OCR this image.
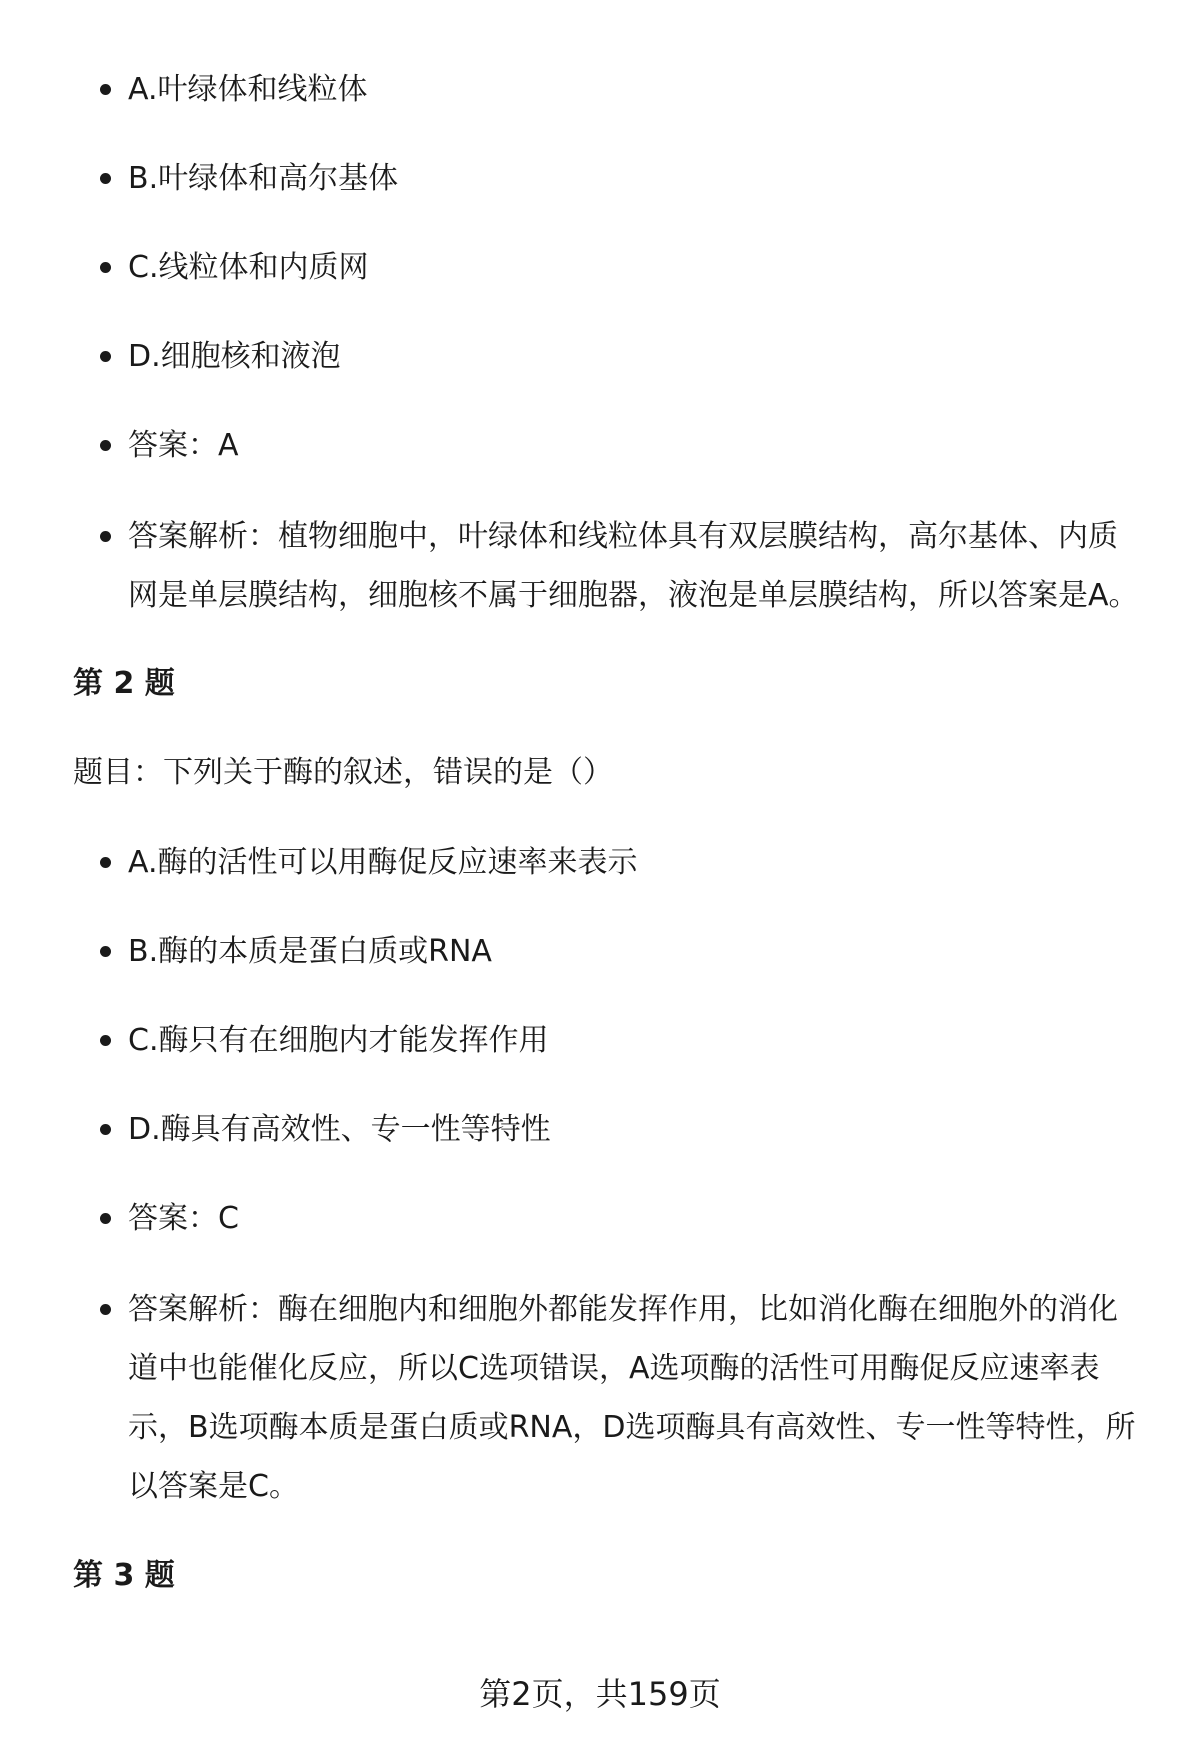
A.叶绿体和线粒体
B.叶绿体和高尔基体
C.线粒体和内质网
D.细胞核和液泡
答案：A
答案解析：植物细胞中，叶绿体和线粒体具有双层膜结构，高尔基体、内质网是单层膜结构，细胞核不属于细胞器，液泡是单层膜结构，所以答案是A。
第 2 题
题目：下列关于酶的叙述，错误的是（）
A.酶的活性可以用酶促反应速率来表示
B.酶的本质是蛋白质或RNA
C.酶只有在细胞内才能发挥作用
D.酶具有高效性、专一性等特性
答案：C
答案解析：酶在细胞内和细胞外都能发挥作用，比如消化酶在细胞外的消化道中也能催化反应，所以C选项错误，A选项酶的活性可用酶促反应速率表示，B选项酶本质是蛋白质或RNA，D选项酶具有高效性、专一性等特性，所以答案是C。
第 3 题
第2页，共159页
